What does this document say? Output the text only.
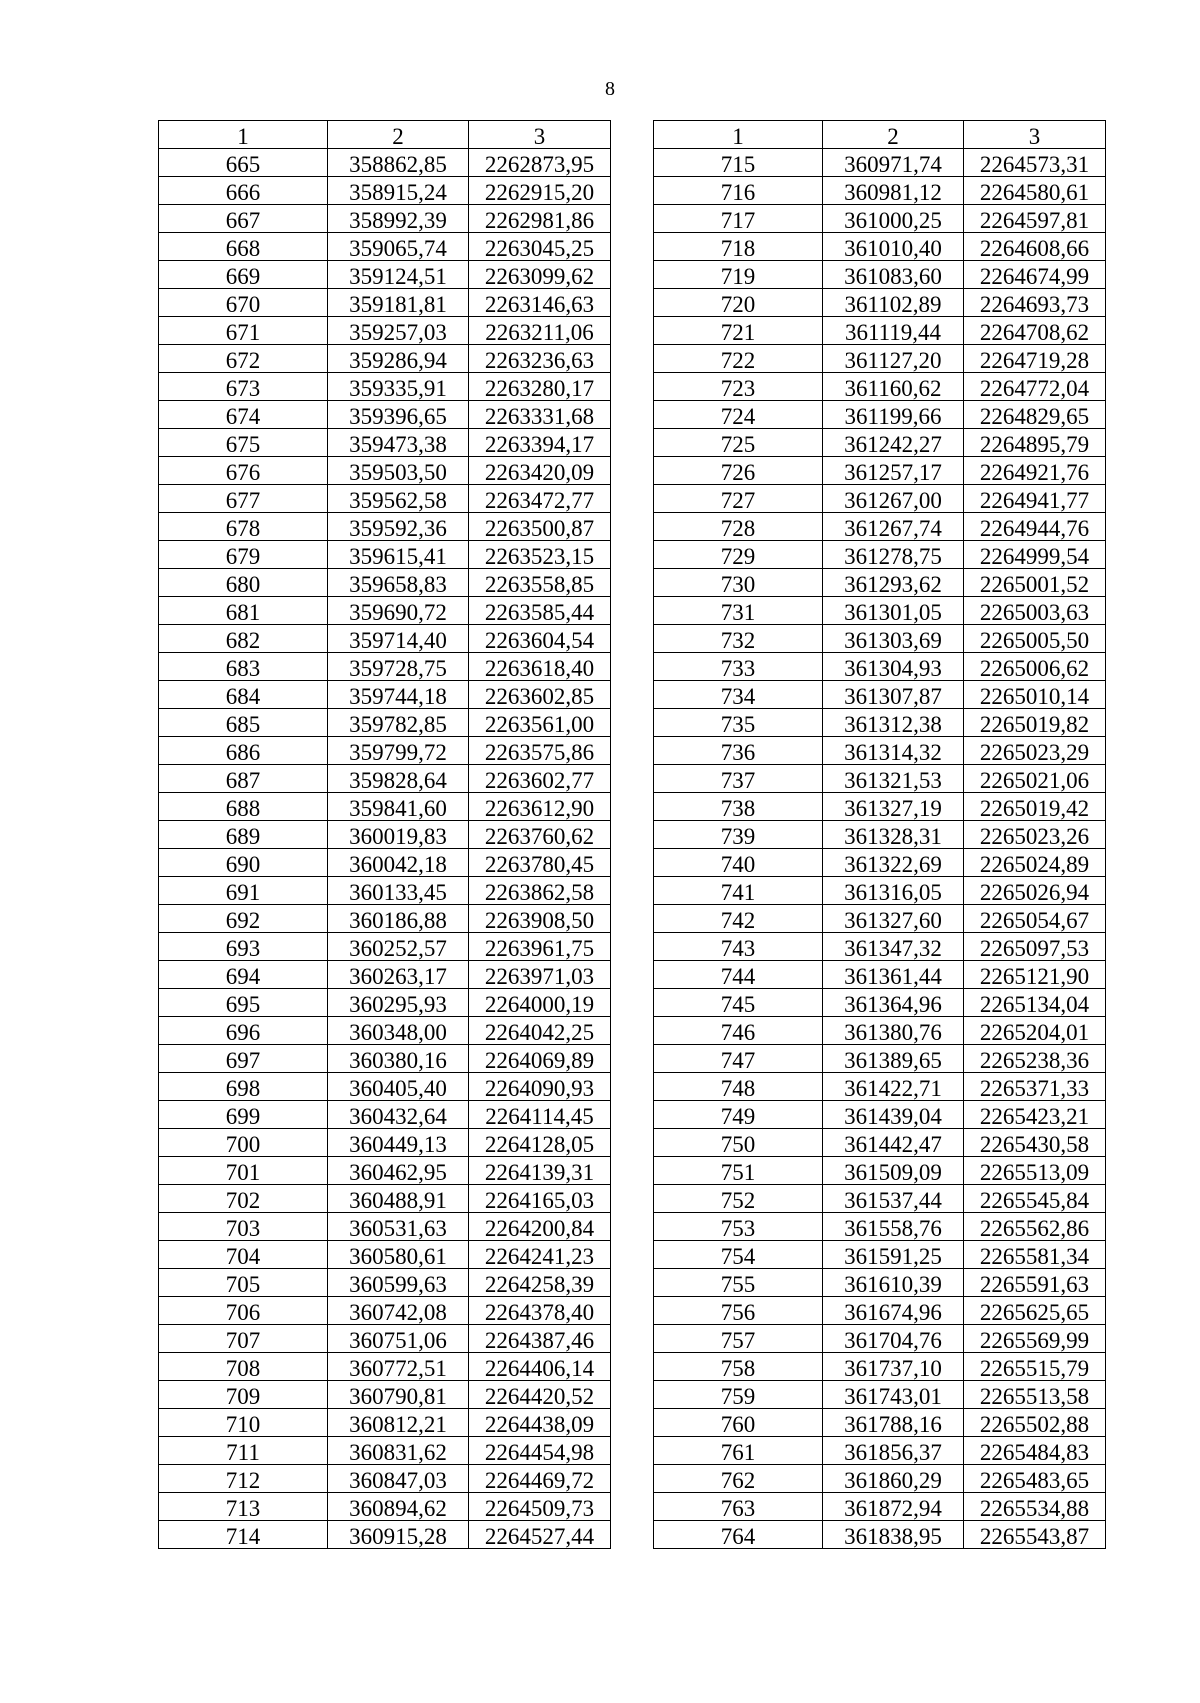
8
1	2	3
665	358862,85	2262873,95
666	358915,24	2262915,20
667	358992,39	2262981,86
668	359065,74	2263045,25
669	359124,51	2263099,62
670	359181,81	2263146,63
671	359257,03	2263211,06
672	359286,94	2263236,63
673	359335,91	2263280,17
674	359396,65	2263331,68
675	359473,38	2263394,17
676	359503,50	2263420,09
677	359562,58	2263472,77
678	359592,36	2263500,87
679	359615,41	2263523,15
680	359658,83	2263558,85
681	359690,72	2263585,44
682	359714,40	2263604,54
683	359728,75	2263618,40
684	359744,18	2263602,85
685	359782,85	2263561,00
686	359799,72	2263575,86
687	359828,64	2263602,77
688	359841,60	2263612,90
689	360019,83	2263760,62
690	360042,18	2263780,45
691	360133,45	2263862,58
692	360186,88	2263908,50
693	360252,57	2263961,75
694	360263,17	2263971,03
695	360295,93	2264000,19
696	360348,00	2264042,25
697	360380,16	2264069,89
698	360405,40	2264090,93
699	360432,64	2264114,45
700	360449,13	2264128,05
701	360462,95	2264139,31
702	360488,91	2264165,03
703	360531,63	2264200,84
704	360580,61	2264241,23
705	360599,63	2264258,39
706	360742,08	2264378,40
707	360751,06	2264387,46
708	360772,51	2264406,14
709	360790,81	2264420,52
710	360812,21	2264438,09
711	360831,62	2264454,98
712	360847,03	2264469,72
713	360894,62	2264509,73
714	360915,28	2264527,44
1	2	3
715	360971,74	2264573,31
716	360981,12	2264580,61
717	361000,25	2264597,81
718	361010,40	2264608,66
719	361083,60	2264674,99
720	361102,89	2264693,73
721	361119,44	2264708,62
722	361127,20	2264719,28
723	361160,62	2264772,04
724	361199,66	2264829,65
725	361242,27	2264895,79
726	361257,17	2264921,76
727	361267,00	2264941,77
728	361267,74	2264944,76
729	361278,75	2264999,54
730	361293,62	2265001,52
731	361301,05	2265003,63
732	361303,69	2265005,50
733	361304,93	2265006,62
734	361307,87	2265010,14
735	361312,38	2265019,82
736	361314,32	2265023,29
737	361321,53	2265021,06
738	361327,19	2265019,42
739	361328,31	2265023,26
740	361322,69	2265024,89
741	361316,05	2265026,94
742	361327,60	2265054,67
743	361347,32	2265097,53
744	361361,44	2265121,90
745	361364,96	2265134,04
746	361380,76	2265204,01
747	361389,65	2265238,36
748	361422,71	2265371,33
749	361439,04	2265423,21
750	361442,47	2265430,58
751	361509,09	2265513,09
752	361537,44	2265545,84
753	361558,76	2265562,86
754	361591,25	2265581,34
755	361610,39	2265591,63
756	361674,96	2265625,65
757	361704,76	2265569,99
758	361737,10	2265515,79
759	361743,01	2265513,58
760	361788,16	2265502,88
761	361856,37	2265484,83
762	361860,29	2265483,65
763	361872,94	2265534,88
764	361838,95	2265543,87
